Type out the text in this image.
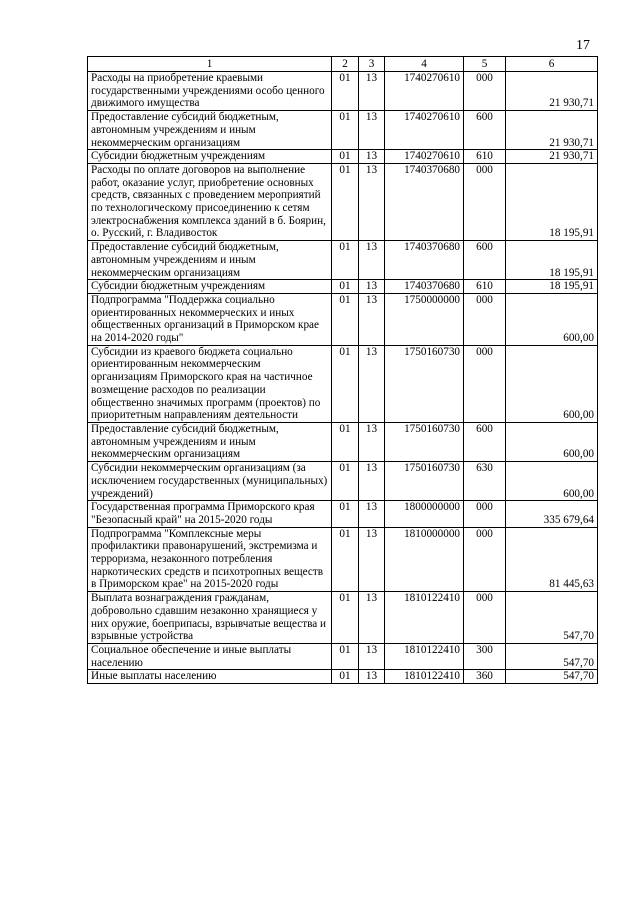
17
1	2	3	4	5	6
Расходы на приобретение краевыми государственными учреждениями особо ценного движимого имущества	01	13	1740270610	000	21 930,71
Предоставление субсидий бюджетным, автономным учреждениям и иным некоммерческим организациям	01	13	1740270610	600	21 930,71
Субсидии бюджетным учреждениям	01	13	1740270610	610	21 930,71
Расходы по оплате договоров на выполнение работ, оказание услуг, приобретение основных средств, связанных с проведением мероприятий по технологическому присоединению к сетям электроснабжения комплекса зданий в б. Боярин, о. Русский, г. Владивосток	01	13	1740370680	000	18 195,91
Предоставление субсидий бюджетным, автономным учреждениям и иным некоммерческим организациям	01	13	1740370680	600	18 195,91
Субсидии бюджетным учреждениям	01	13	1740370680	610	18 195,91
Подпрограмма "Поддержка социально ориентированных некоммерческих и иных общественных организаций в Приморском крае на 2014-2020 годы"	01	13	1750000000	000	600,00
Субсидии из краевого бюджета социально ориентированным некоммерческим организациям Приморского края на частичное возмещение расходов по реализации общественно значимых программ (проектов) по приоритетным направлениям деятельности	01	13	1750160730	000	600,00
Предоставление субсидий бюджетным, автономным учреждениям и иным некоммерческим организациям	01	13	1750160730	600	600,00
Субсидии некоммерческим организациям (за исключением государственных (муниципальных) учреждений)	01	13	1750160730	630	600,00
Государственная программа Приморского края "Безопасный край" на 2015-2020 годы	01	13	1800000000	000	335 679,64
Подпрограмма "Комплексные меры профилактики правонарушений, экстремизма и терроризма, незаконного потребления наркотических средств и психотропных веществ в Приморском крае" на 2015-2020 годы	01	13	1810000000	000	81 445,63
Выплата вознаграждения гражданам, добровольно сдавшим незаконно хранящиеся у них оружие, боеприпасы, взрывчатые вещества и взрывные устройства	01	13	1810122410	000	547,70
Социальное обеспечение и иные выплаты населению	01	13	1810122410	300	547,70
Иные выплаты населению	01	13	1810122410	360	547,70
